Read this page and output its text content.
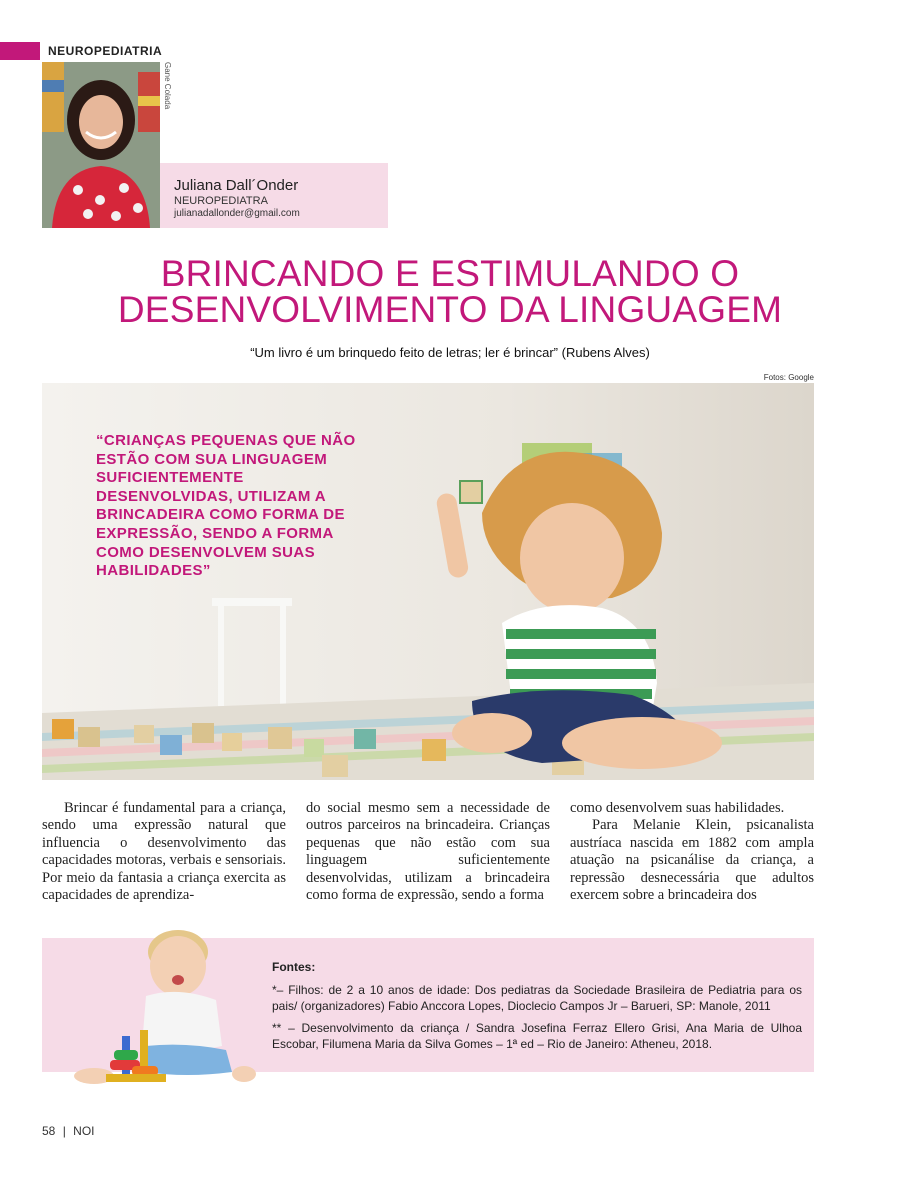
NEUROPEDIATRIA
Gane Colada
Juliana Dall´Onder
NEUROPEDIATRA
julianadallonder@gmail.com
BRINCANDO E ESTIMULANDO O
DESENVOLVIMENTO DA LINGUAGEM
“Um livro é um brinquedo feito de letras; ler é brincar” (Rubens Alves)
Fotos: Google
“CRIANÇAS PEQUENAS QUE NÃO ESTÃO COM SUA LINGUAGEM SUFICIENTEMENTE DESENVOLVIDAS, UTILIZAM A BRINCADEIRA COMO FORMA DE EXPRESSÃO, SENDO A FORMA COMO DESENVOLVEM SUAS HABILIDADES”

Brincar é fundamental para a criança, sendo uma expressão natural que influencia o desenvolvimento das capacidades motoras, verbais e sensoriais. Por meio da fantasia a criança exercita as capacidades de aprendiza-

do social mesmo sem a necessidade de outros parceiros na brincadeira. Crianças pequenas que não estão com sua linguagem suficientemente desenvolvidas, utilizam a brincadeira como forma de expressão, sendo a forma

como desenvolvem suas habilidades.

Para Melanie Klein, psicanalista austríaca nascida em 1882 com ampla atuação na psicanálise da criança, a repressão desnecessária que adultos exercem sobre a brincadeira dos

Fontes:
*– Filhos: de 2 a 10 anos de idade: Dos pediatras da Sociedade Brasileira de Pediatria para os pais/ (organizadores) Fabio Anccora Lopes, Dioclecio Campos Jr – Barueri, SP: Manole, 2011
** – Desenvolvimento da criança / Sandra Josefina Ferraz Ellero Grisi, Ana Maria de Ulhoa Escobar, Filumena Maria da Silva Gomes – 1ª ed – Rio de Janeiro: Atheneu, 2018.
58 | NOI
